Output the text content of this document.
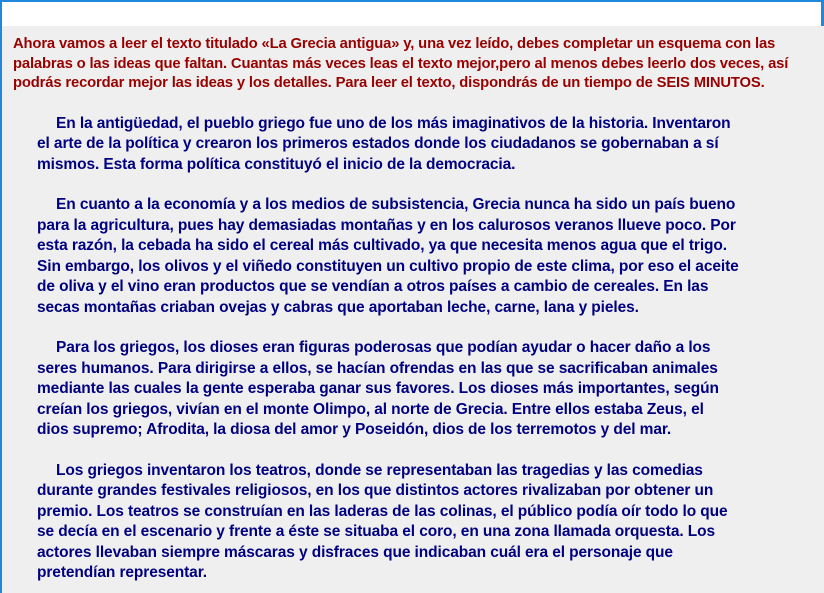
Ahora vamos a leer el texto titulado «La Grecia antigua» y, una vez leído, debes completar un esquema con las
palabras o las ideas que faltan. Cuantas más veces leas el texto mejor,pero al menos debes leerlo dos veces, así
podrás recordar mejor las ideas y los detalles. Para leer el texto, dispondrás de un tiempo de SEIS MINUTOS.

En la antigüedad, el pueblo griego fue uno de los más imaginativos de la historia. Inventaron
el arte de la política y crearon los primeros estados donde los ciudadanos se gobernaban a sí
mismos. Esta forma política constituyó el inicio de la democracia.

En cuanto a la economía y a los medios de subsistencia, Grecia nunca ha sido un país bueno
para la agricultura, pues hay demasiadas montañas y en los calurosos veranos llueve poco. Por
esta razón, la cebada ha sido el cereal más cultivado, ya que necesita menos agua que el trigo.
Sin embargo, los olivos y el viñedo constituyen un cultivo propio de este clima, por eso el aceite
de oliva y el vino eran productos que se vendían a otros países a cambio de cereales. En las
secas montañas criaban ovejas y cabras que aportaban leche, carne, lana y pieles.

Para los griegos, los dioses eran figuras poderosas que podían ayudar o hacer daño a los
seres humanos. Para dirigirse a ellos, se hacían ofrendas en las que se sacrificaban animales
mediante las cuales la gente esperaba ganar sus favores. Los dioses más importantes, según
creían los griegos, vivían en el monte Olimpo, al norte de Grecia. Entre ellos estaba Zeus, el
dios supremo; Afrodita, la diosa del amor y Poseidón, dios de los terremotos y del mar.

Los griegos inventaron los teatros, donde se representaban las tragedias y las comedias
durante grandes festivales religiosos, en los que distintos actores rivalizaban por obtener un
premio. Los teatros se construían en las laderas de las colinas, el público podía oír todo lo que
se decía en el escenario y frente a éste se situaba el coro, en una zona llamada orquesta. Los
actores llevaban siempre máscaras y disfraces que indicaban cuál era el personaje que
pretendían representar.
